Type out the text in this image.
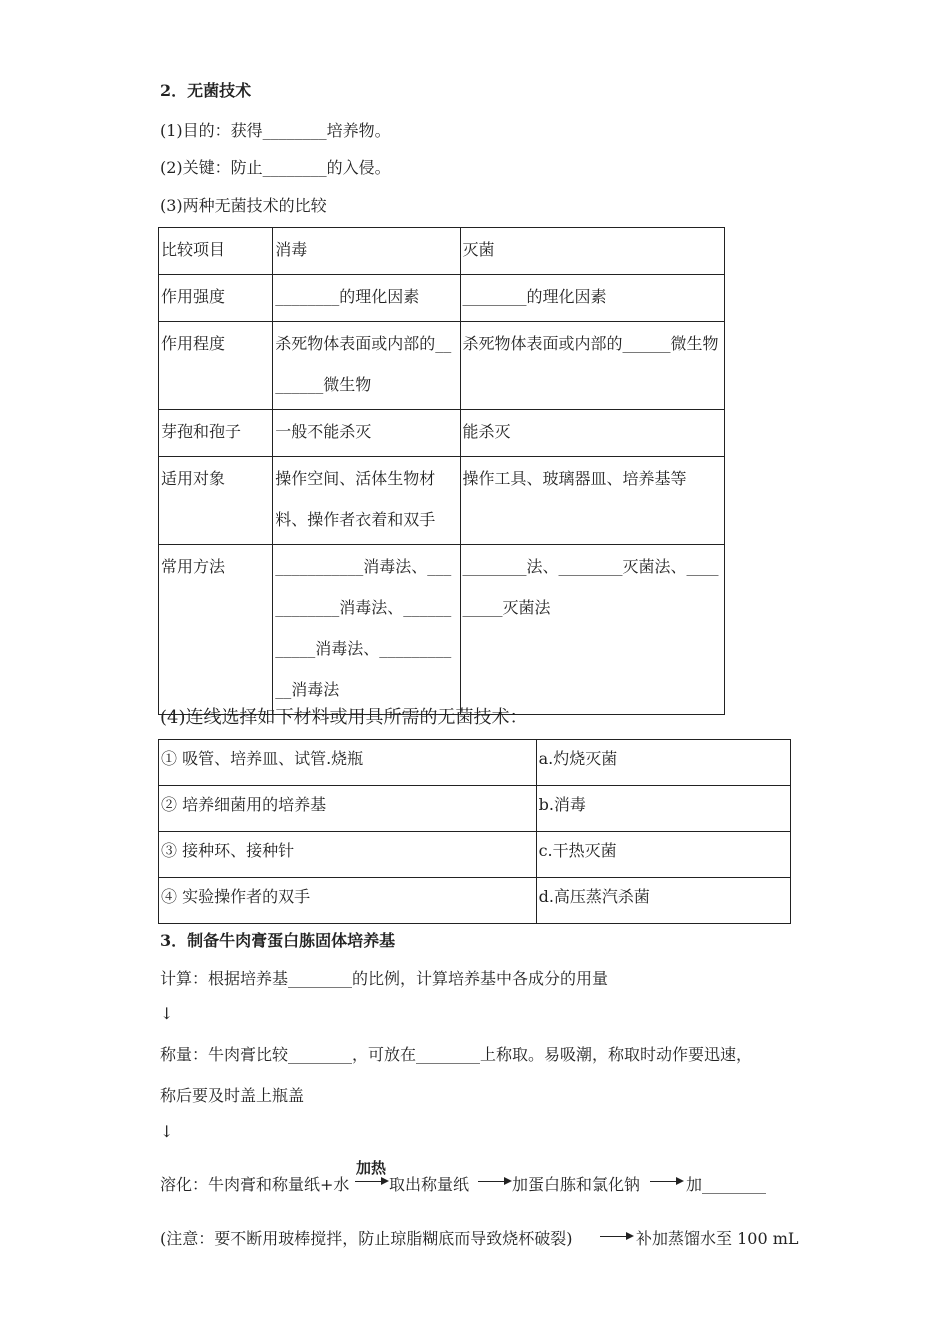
2．无菌技术
(1)目的：获得________培养物。
(2)关键：防止________的入侵。
(3)两种无菌技术的比较
比较项目	消毒	灭菌
作用强度	________的理化因素	________的理化因素
作用程度	杀死物体表面或内部的________微生物	杀死物体表面或内部的______微生物
芽孢和孢子	一般不能杀灭	能杀灭
适用对象	操作空间、活体生物材料、操作者衣着和双手	操作工具、玻璃器皿、培养基等
常用方法	___________消毒法、___________消毒法、___________消毒法、___________消毒法	________法、________灭菌法、_________灭菌法
(4)连线选择如下材料或用具所需的无菌技术：
① 吸管、培养皿、试管.烧瓶	a.灼烧灭菌
② 培养细菌用的培养基	b.消毒
③ 接种环、接种针	c.干热灭菌
④ 实验操作者的双手	d.高压蒸汽杀菌
3．制备牛肉膏蛋白胨固体培养基
计算：根据培养基________的比例，计算培养基中各成分的用量
↓
称量：牛肉膏比较________，可放在________上称取。易吸潮，称取时动作要迅速，
称后要及时盖上瓶盖
↓
溶化：牛肉膏和称量纸+水
加热
取出称量纸	加蛋白胨和氯化钠	加________
(注意：要不断用玻棒搅拌，防止琼脂糊底而导致烧杯破裂)	补加蒸馏水至 100 mL
